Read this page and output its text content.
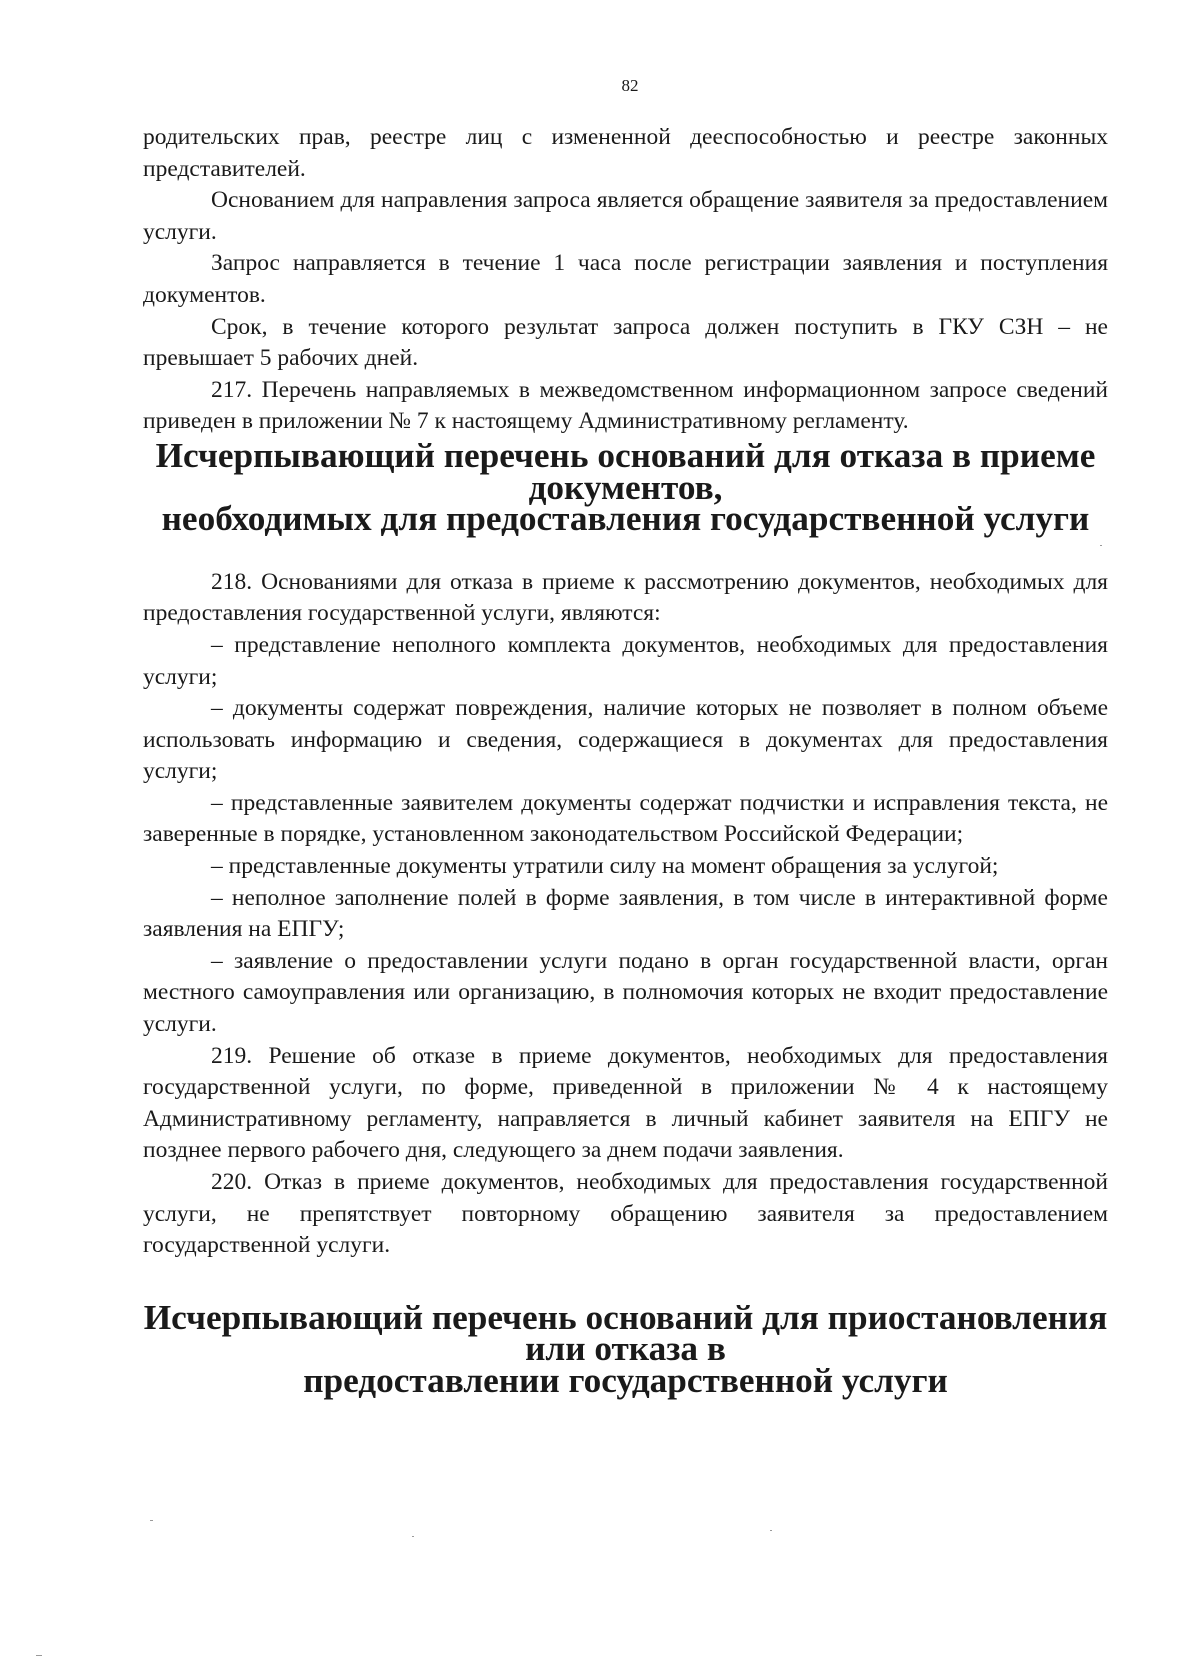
82

родительских прав, реестре лиц с измененной дееспособностью и реестре законных представителей.

Основанием для направления запроса является обращение заявителя за предоставлением услуги.

Запрос направляется в течение 1 часа после регистрации заявления и поступления документов.

Срок, в течение которого результат запроса должен поступить в ГКУ СЗН – не превышает 5 рабочих дней.

217. Перечень направляемых в межведомственном информационном запросе сведений приведен в приложении № 7 к настоящему Административному регламенту.

Исчерпывающий перечень оснований для отказа в приеме документов,
необходимых для предоставления государственной услуги

218. Основаниями для отказа в приеме к рассмотрению документов, необходимых для предоставления государственной услуги, являются:

– представление неполного комплекта документов, необходимых для предоставления услуги;

– документы содержат повреждения, наличие которых не позволяет в полном объеме использовать информацию и сведения, содержащиеся в документах для предоставления услуги;

– представленные заявителем документы содержат подчистки и исправления текста, не заверенные в порядке, установленном законодательством Российской Федерации;

– представленные документы утратили силу на момент обращения за услугой;

– неполное заполнение полей в форме заявления, в том числе в интерактивной форме заявления на ЕПГУ;

– заявление о предоставлении услуги подано в орган государственной власти, орган местного самоуправления или организацию, в полномочия которых не входит предоставление услуги.

219. Решение об отказе в приеме документов, необходимых для предоставления государственной услуги, по форме, приведенной в приложении № 4 к настоящему Административному регламенту, направляется в личный кабинет заявителя на ЕПГУ не позднее первого рабочего дня, следующего за днем подачи заявления.

220. Отказ в приеме документов, необходимых для предоставления государственной услуги, не препятствует повторному обращению заявителя за предоставлением государственной услуги.

Исчерпывающий перечень оснований для приостановления или отказа в
предоставлении государственной услуги
